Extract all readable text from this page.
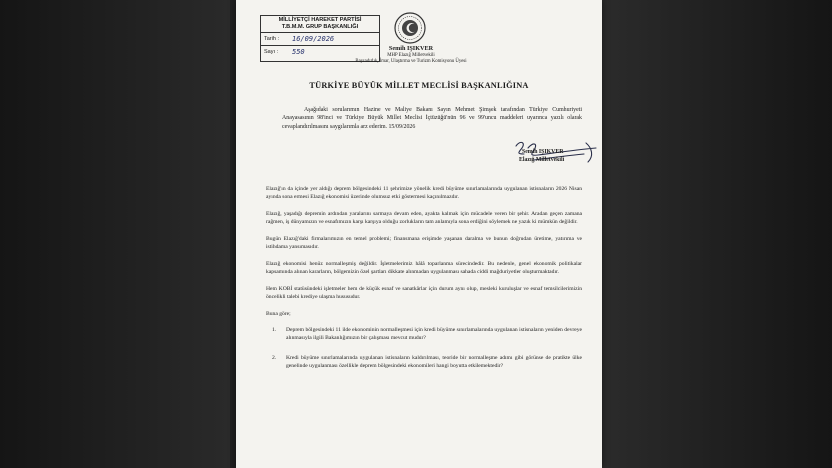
MİLLİYETÇİ HAREKET PARTİSİ
T.B.M.M. GRUP BAŞKANLIĞI
Tarih :	16/09/2026
Sayı :	550	Semih IŞIKVER
MHP Elazığ Milletvekili
Bayındırlık, İmar, Ulaştırma ve Turizm Komisyonu Üyesi
TÜRKİYE BÜYÜK MİLLET MECLİSİ BAŞKANLIĞINA

Aşağıdaki sorularımın Hazine ve Maliye Bakanı Sayın Mehmet Şimşek tarafından Türkiye Cumhuriyeti Anayasasının 98'inci ve Türkiye Büyük Millet Meclisi İçtüzüğü'nün 96 ve 99'uncu maddeleri uyarınca yazılı olarak cevaplandırılmasını saygılarımla arz ederim. 15/09/2026

Semih IŞIKVER
Elazığ Milletvekili

Elazığ'ın da içinde yer aldığı deprem bölgesindeki 11 şehrimize yönelik kredi büyüme sınırlamalarında uygulanan istisnaların 2026 Nisan ayında sona ermesi Elazığ ekonomisi üzerinde olumsuz etki göstermesi kaçınılmazdır.

Elazığ, yaşadığı depremin ardından yaralarını sarmaya devam eden, ayakta kalmak için mücadele veren bir şehir. Aradan geçen zamana rağmen, iş dünyamızın ve esnafımızın karşı karşıya olduğu zorlukların tam anlamıyla sona erdiğini söylemek ne yazık ki mümkün değildir.

Bugün Elazığ'daki firmalarımızın en temel problemi; finansmana erişimde yaşanan daralma ve bunun doğrudan üretime, yatırıma ve istihdama yansımasıdır.

Elazığ ekonomisi henüz normalleşmiş değildir. İşletmelerimiz hâlâ toparlanma sürecindedir. Bu nedenle, genel ekonomik politikalar kapsamında alınan kararların, bölgemizin özel şartları dikkate alınmadan uygulanması sahada ciddi mağduriyetler oluşturmaktadır.

Hem KOBİ statüsündeki işletmeler hem de küçük esnaf ve sanatkârlar için durum aynı olup, mesleki kuruluşlar ve esnaf temsilcilerimizin öncelikli talebi krediye ulaşma hususudur.

Buna göre;

1. Deprem bölgesindeki 11 ilde ekonominin normalleşmesi için kredi büyüme sınırlamalarında uygulanan istisnaların yeniden devreye alınmasıyla ilgili Bakanlığımızın bir çalışması mevcut mudur?
2. Kredi büyüme sınırlamalarında uygulanan istisnaların kaldırılması, teoride bir normalleşme adımı gibi görünse de pratikte ülke genelinde uygulanması özellikle deprem bölgesindeki ekonomileri hangi boyutta etkilemektedir?
